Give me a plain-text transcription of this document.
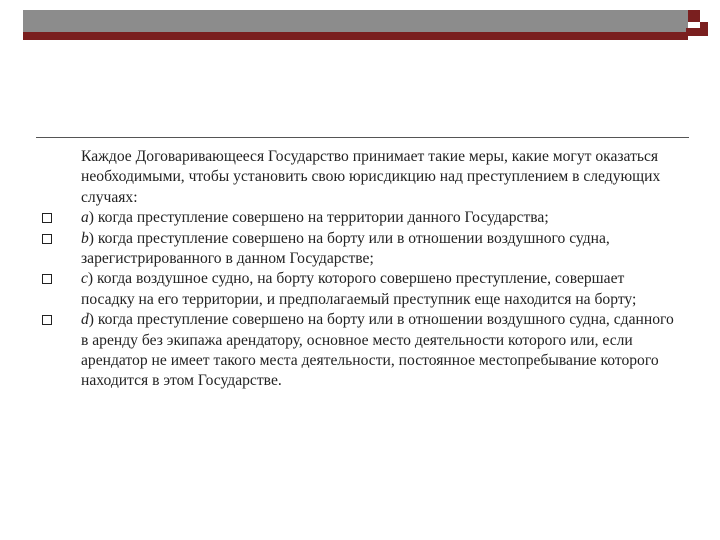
Каждое Договаривающееся Государство принимает такие меры, какие могут оказаться необходимыми, чтобы установить свою юрисдикцию над преступлением в следующих случаях:

a) когда преступление совершено на территории данного Государства;

b) когда преступление совершено на борту или в отношении воздушного судна, зарегистрированного в данном Государстве;

c) когда воздушное судно, на борту которого совершено преступление, совершает посадку на его территории, и предполагаемый преступник еще находится на борту;

d) когда преступление совершено на борту или в отношении воздушного судна, сданного в аренду без экипажа арендатору, основное место деятельности которого или, если арендатор не имеет такого места деятельности, постоянное местопребывание которого находится в этом Государстве.
